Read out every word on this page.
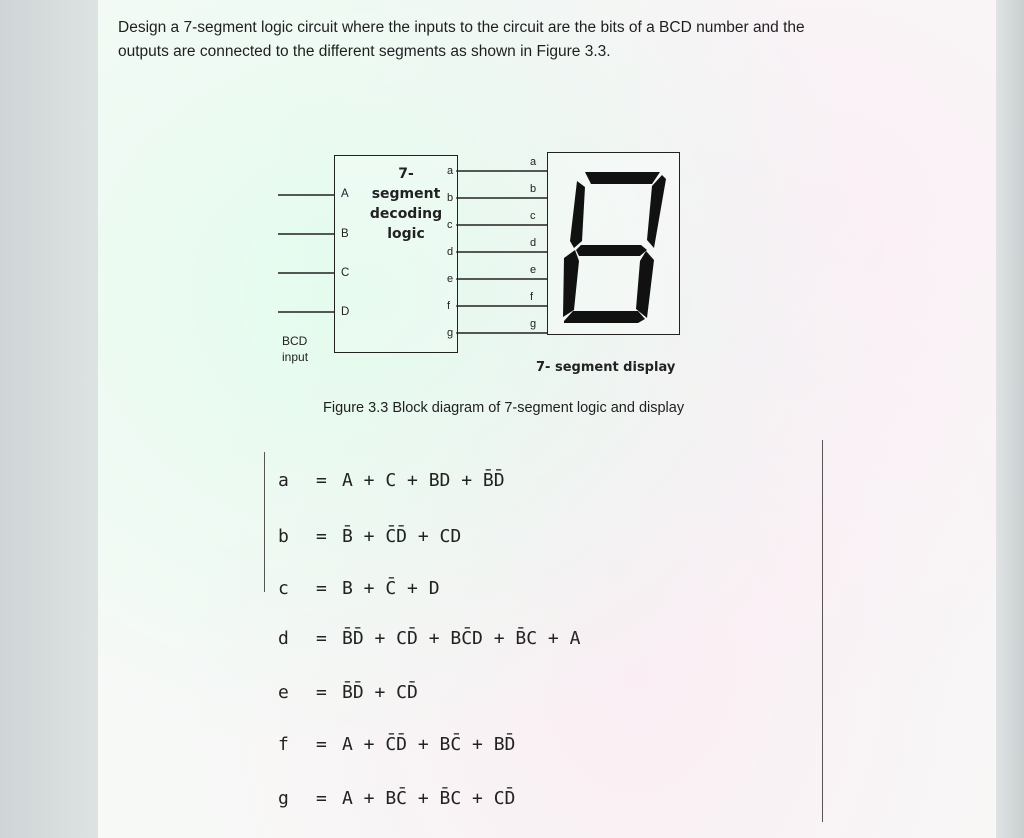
Design a 7-segment logic circuit where the inputs to the circuit are the bits of a BCD number and the

outputs are connected to the different segments as shown in Figure 3.3.

7-segment
decoding
logic
A
B
C
D
a
b
c
d
e
f
g
BCD
input
a
b
c
d
e
f
g
7- segment display
Figure 3.3 Block diagram of 7-segment logic and display
a = A + C + BD + B̄D̄
b = B̄ + C̄D̄ + CD
c = B + C̄ + D
d = B̄D̄ + CD̄ + BC̄D + B̄C + A
e = B̄D̄ + CD̄
f = A + C̄D̄ + BC̄ + BD̄
g = A + BC̄ + B̄C + CD̄
